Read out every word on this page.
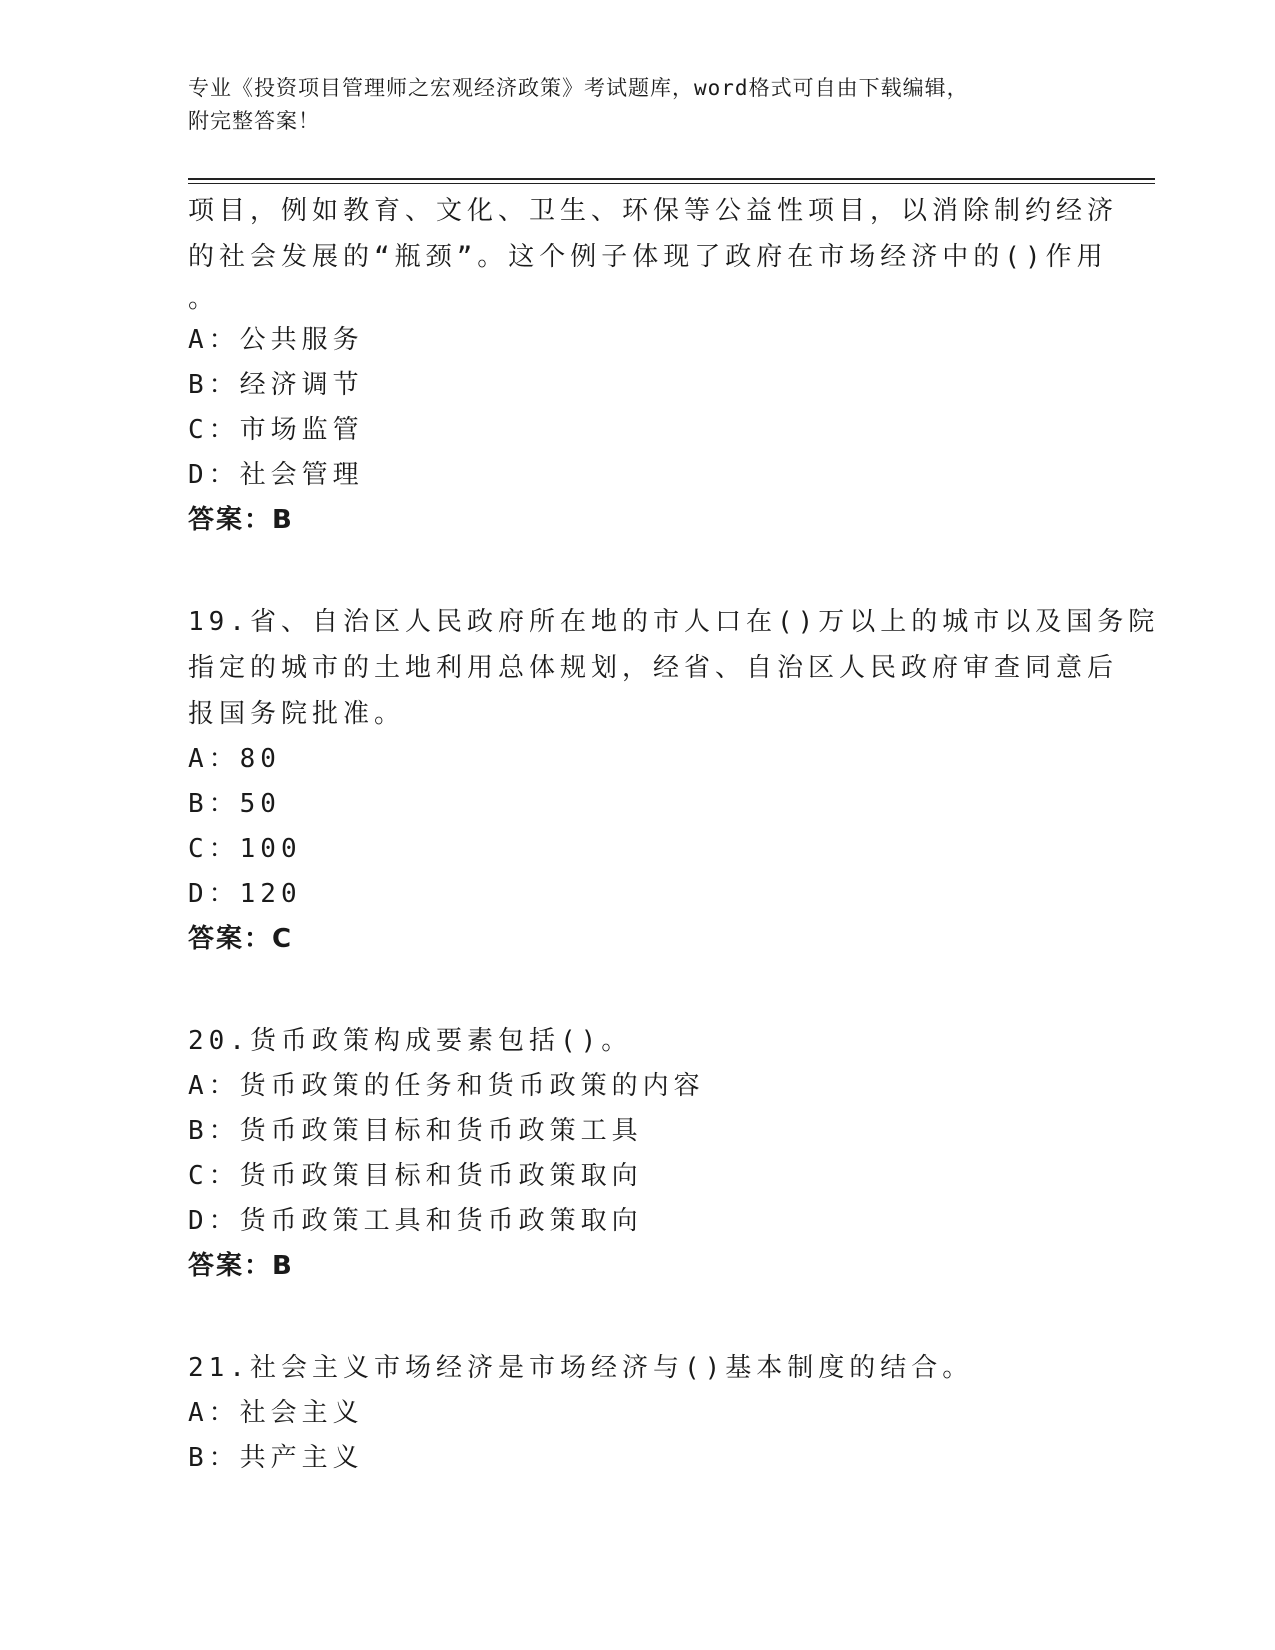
专业《投资项目管理师之宏观经济政策》考试题库，word格式可自由下载编辑，
附完整答案！
项目，例如教育、文化、卫生、环保等公益性项目，以消除制约经济
的社会发展的“瓶颈”。这个例子体现了政府在市场经济中的()作用
。
A：公共服务
B：经济调节
C：市场监管
D：社会管理
答案：B
19.省、自治区人民政府所在地的市人口在()万以上的城市以及国务院
指定的城市的土地利用总体规划，经省、自治区人民政府审查同意后
报国务院批准。
A：80
B：50
C：100
D：120
答案：C
20.货币政策构成要素包括()。
A：货币政策的任务和货币政策的内容
B：货币政策目标和货币政策工具
C：货币政策目标和货币政策取向
D：货币政策工具和货币政策取向
答案：B
21.社会主义市场经济是市场经济与()基本制度的结合。
A：社会主义
B：共产主义
